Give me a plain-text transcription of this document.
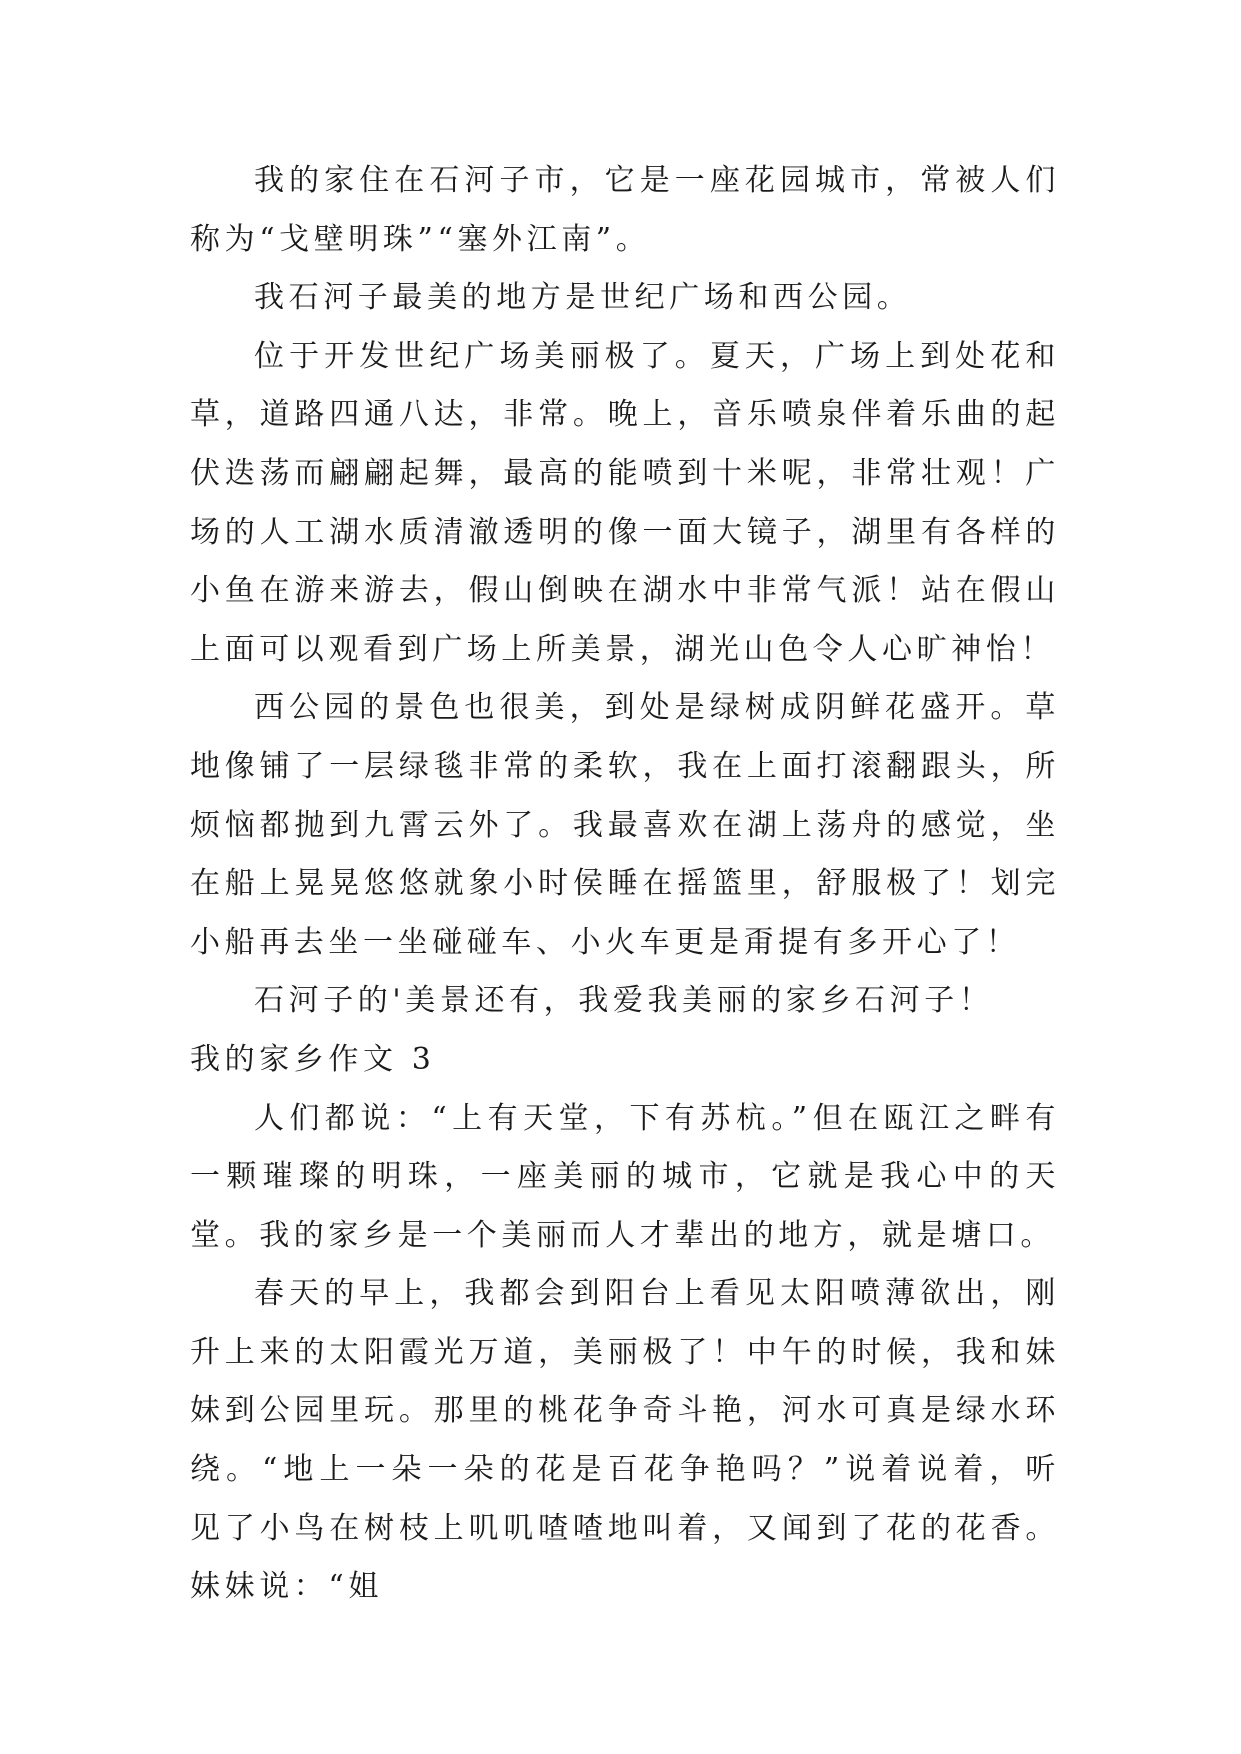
我的家住在石河子市，它是一座花园城市，常被人们称为“戈壁明珠”“塞外江南”。

我石河子最美的地方是世纪广场和西公园。

位于开发世纪广场美丽极了。夏天，广场上到处花和草，道路四通八达，非常。晚上，音乐喷泉伴着乐曲的起伏迭荡而翩翩起舞，最高的能喷到十米呢，非常壮观！广场的人工湖水质清澈透明的像一面大镜子，湖里有各样的小鱼在游来游去，假山倒映在湖水中非常气派！站在假山上面可以观看到广场上所美景，湖光山色令人心旷神怡！

西公园的景色也很美，到处是绿树成阴鲜花盛开。草地像铺了一层绿毯非常的柔软，我在上面打滚翻跟头，所烦恼都抛到九霄云外了。我最喜欢在湖上荡舟的感觉，坐在船上晃晃悠悠就象小时侯睡在摇篮里，舒服极了！划完小船再去坐一坐碰碰车、小火车更是甭提有多开心了！

石河子的'美景还有，我爱我美丽的家乡石河子！

我的家乡作文 3

人们都说：“上有天堂，下有苏杭。”但在瓯江之畔有一颗璀璨的明珠，一座美丽的城市，它就是我心中的天堂。我的家乡是一个美丽而人才辈出的地方，就是塘口。

春天的早上，我都会到阳台上看见太阳喷薄欲出，刚升上来的太阳霞光万道，美丽极了！中午的时候，我和妹妹到公园里玩。那里的桃花争奇斗艳，河水可真是绿水环绕。“地上一朵一朵的花是百花争艳吗？”说着说着，听见了小鸟在树枝上叽叽喳喳地叫着，又闻到了花的花香。妹妹说：“姐
